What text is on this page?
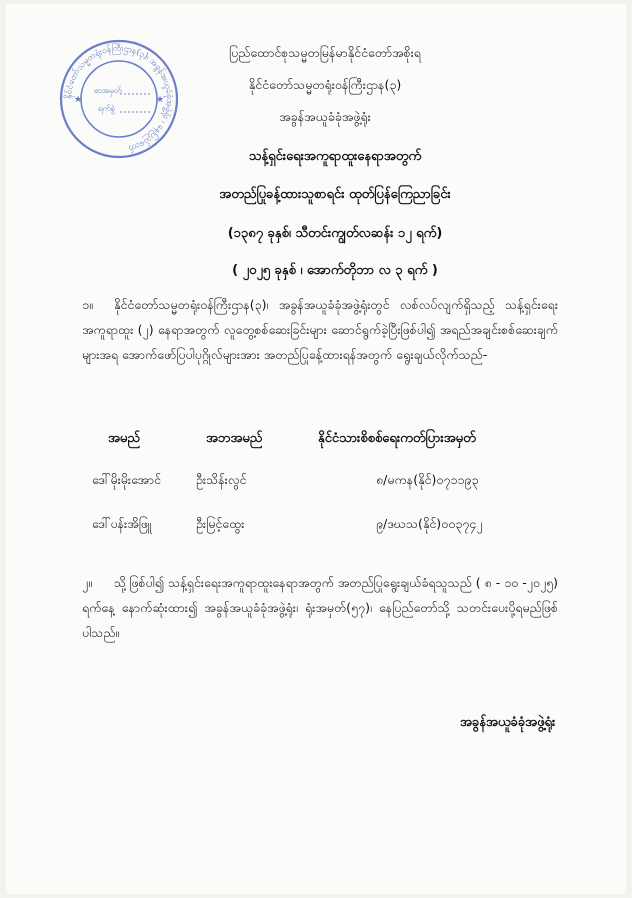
နိုင်ငံတော်သမ္မတရုံးဝန်ကြီးဌာန(၃)၊ အခွန်အယူခံခုံအဖွဲ့ရုံး ၊ နေပြည်တော်
စာအမှတ်
ရက်စွဲ
★	★
ပြည်ထောင်စုသမ္မတမြန်မာနိုင်ငံတော်အစိုးရ
နိုင်ငံတော်သမ္မတရုံးဝန်ကြီးဌာန(၃)
အခွန်အယူခံခုံအဖွဲ့ရုံး
သန့်ရှင်းရေးအကူရာထူးနေရာအတွက်
အတည်ပြုခန့်ထားသူစာရင်း ထုတ်ပြန်ကြေညာခြင်း
(၁၃၈၇ ခုနှစ်၊ သီတင်းကျွတ်လဆန်း ၁၂ ရက်)
( ၂၀၂၅ ခုနှစ် ၊ အောက်တိုဘာ လ ၃ ရက် )
၁။ နိုင်ငံတော်သမ္မတရုံးဝန်ကြီးဌာန(၃)၊ အခွန်အယူခံခုံအဖွဲ့ရုံးတွင် လစ်လပ်လျက်ရှိသည့် သန့်ရှင်းရေးအကူရာထူး (၂) နေရာအတွက် လူတွေ့စစ်ဆေးခြင်းများ ဆောင်ရွက်ခဲ့ပြီးဖြစ်ပါ၍ အရည်အချင်းစစ်ဆေးချက်များအရ အောက်ဖော်ပြပါပုဂ္ဂိုလ်များအား အတည်ပြုခန့်ထားရန်အတွက် ရွေးချယ်လိုက်သည်-
အမည်	အဘအမည်	နိုင်ငံသားစိစစ်ရေးကတ်ပြားအမှတ်
ဒေါ်မိုးမိုးအောင်	ဦးသိန်းလွင်	၈/မကန(နိုင်)၀၇၁၁၉၃
ဒေါ်ပန်းအိဖြူ	ဦးမြင့်ထွေး	၉/ဒဃသ(နိုင်)၀၀၃၇၄၂
၂။ သို့ဖြစ်ပါ၍ သန့်ရှင်းရေးအကူရာထူးနေရာအတွက် အတည်ပြုရွေးချယ်ခံရသူသည် ( ၈ - ၁၀ -၂၀၂၅) ရက်နေ့ နောက်ဆုံးထား၍ အခွန်အယူခံခုံအဖွဲ့ရုံး၊ ရုံးအမှတ်(၅၇)၊ နေပြည်တော်သို့ သတင်းပေးပို့ရမည်ဖြစ်ပါသည်။
အခွန်အယူခံခုံအဖွဲ့ရုံး
